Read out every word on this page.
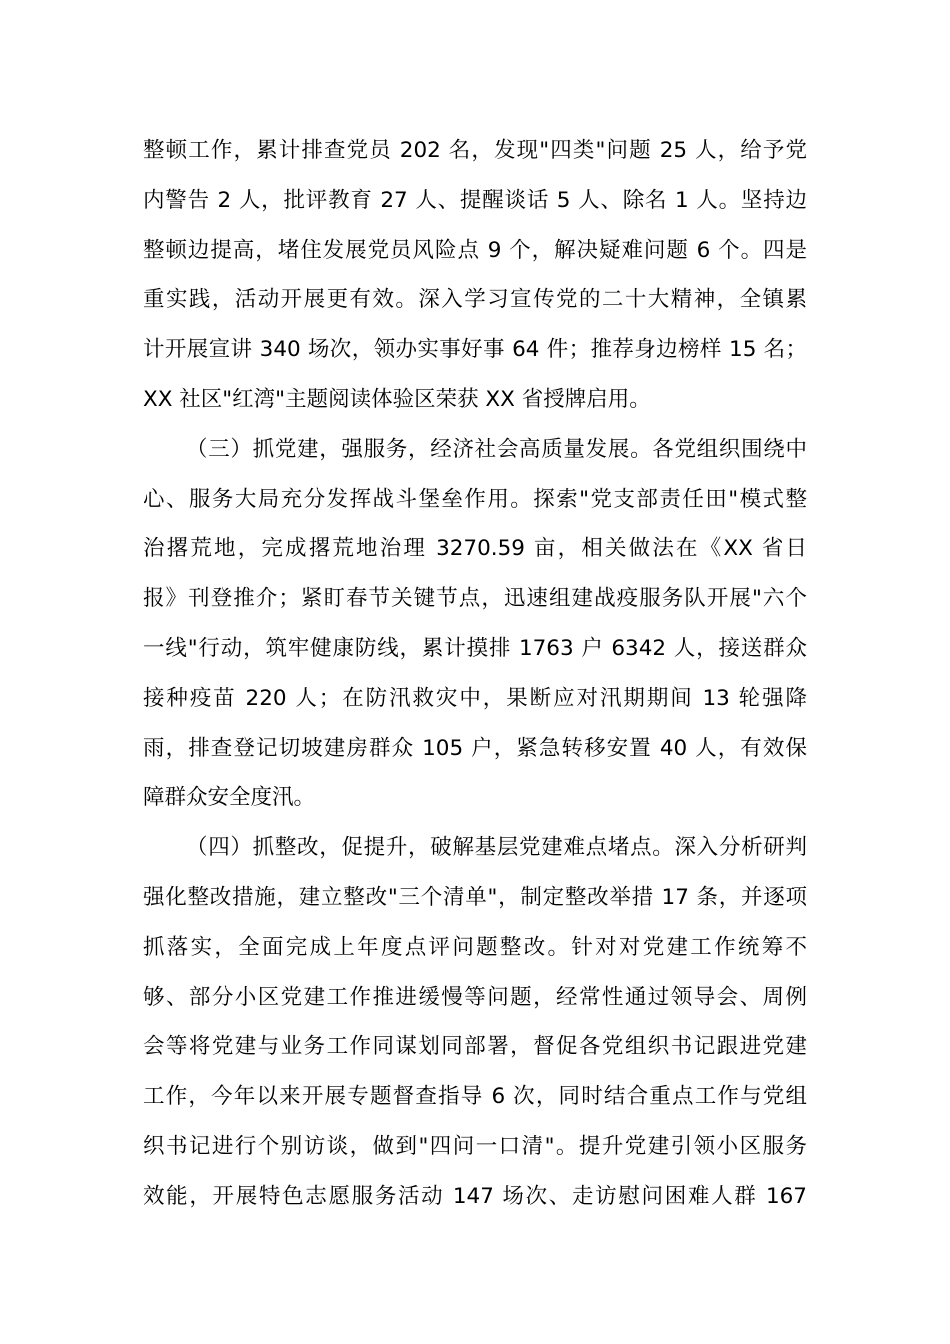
整顿工作，累计排查党员 202 名，发现"四类"问题 25 人，给予党
内警告 2 人，批评教育 27 人、提醒谈话 5 人、除名 1 人。坚持边
整顿边提高，堵住发展党员风险点 9 个，解决疑难问题 6 个。四是
重实践，活动开展更有效。深入学习宣传党的二十大精神，全镇累
计开展宣讲 340 场次，领办实事好事 64 件；推荐身边榜样 15 名；
XX 社区"红湾"主题阅读体验区荣获 XX 省授牌启用。
（三）抓党建，强服务，经济社会高质量发展。各党组织围绕中
心、服务大局充分发挥战斗堡垒作用。探索"党支部责任田"模式整
治撂荒地，完成撂荒地治理 3270.59 亩，相关做法在《XX 省日
报》刊登推介；紧盯春节关键节点，迅速组建战疫服务队开展"六个
一线"行动，筑牢健康防线，累计摸排 1763 户 6342 人，接送群众
接种疫苗 220 人；在防汛救灾中，果断应对汛期期间 13 轮强降
雨，排查登记切坡建房群众 105 户，紧急转移安置 40 人，有效保
障群众安全度汛。
（四）抓整改，促提升，破解基层党建难点堵点。深入分析研判
强化整改措施，建立整改"三个清单"，制定整改举措 17 条，并逐项
抓落实，全面完成上年度点评问题整改。针对对党建工作统筹不
够、部分小区党建工作推进缓慢等问题，经常性通过领导会、周例
会等将党建与业务工作同谋划同部署，督促各党组织书记跟进党建
工作，今年以来开展专题督查指导 6 次，同时结合重点工作与党组
织书记进行个别访谈，做到"四问一口清"。提升党建引领小区服务
效能，开展特色志愿服务活动 147 场次、走访慰问困难人群 167
